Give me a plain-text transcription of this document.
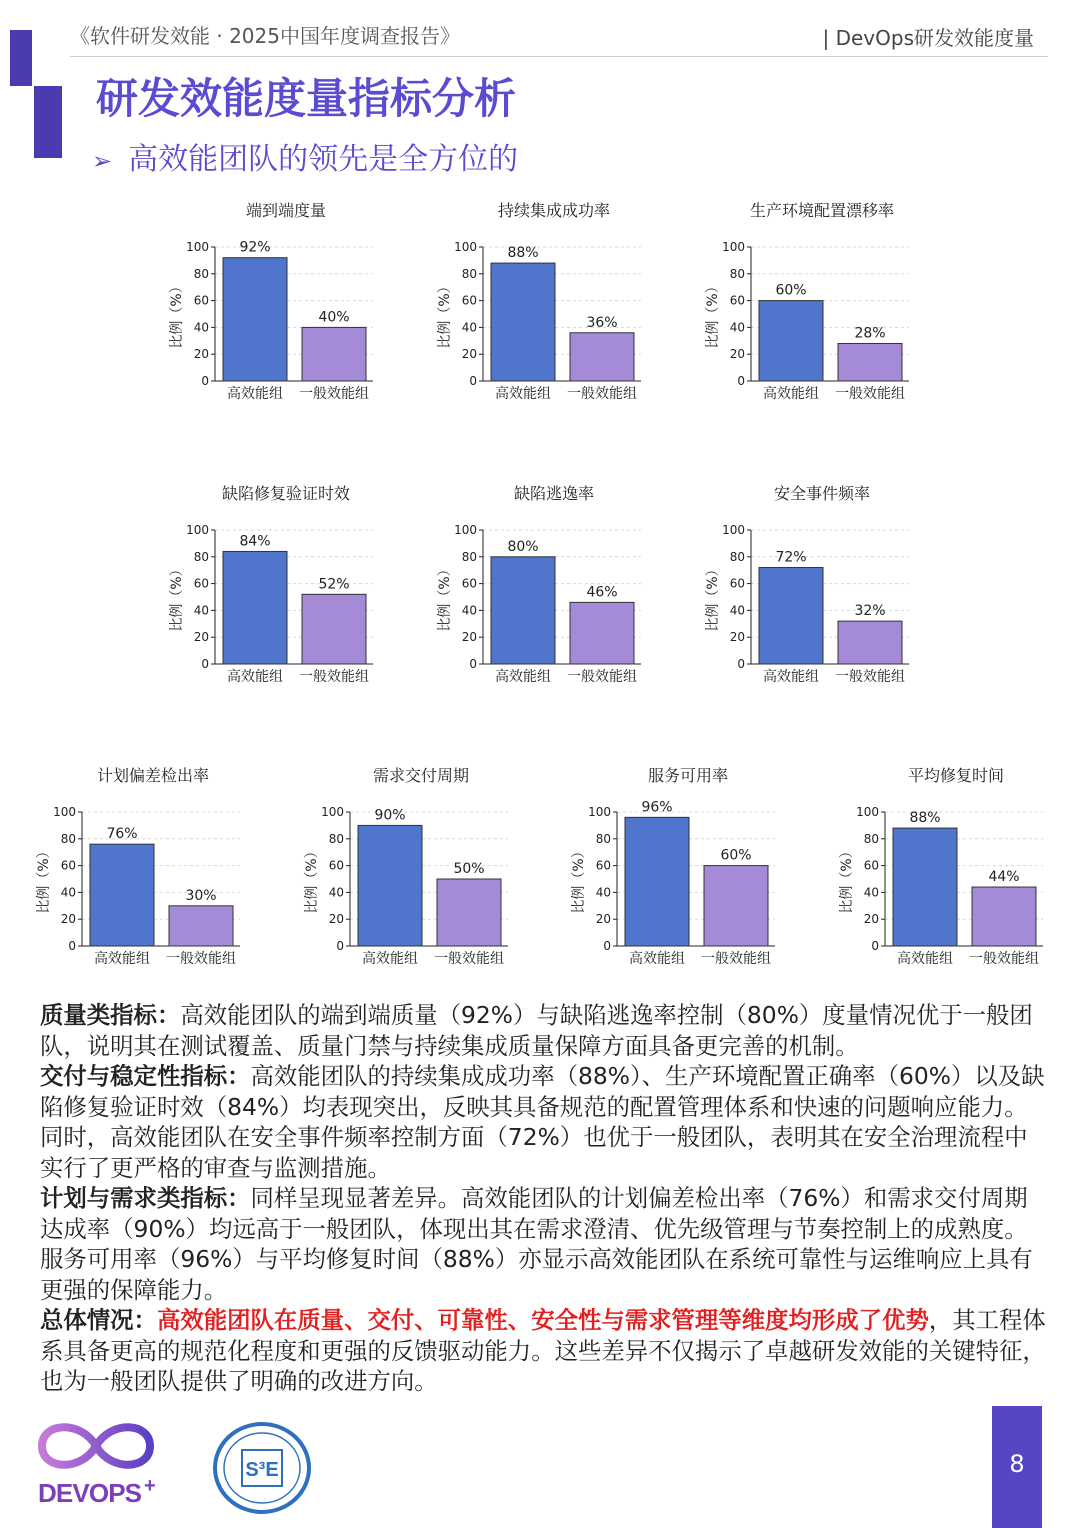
《软件研发效能 · 2025中国年度调查报告》	| DevOps研发效能度量
研发效能度量指标分析
➢ 高效能团队的领先是全方位的
端到端度量
0
20
40
60
80
100
比例（%）
92%
高效能组
40%
一般效能组
持续集成成功率
0
20
40
60
80
100
比例（%）
88%
高效能组
36%
一般效能组
生产环境配置漂移率
0
20
40
60
80
100
比例（%）	60%
高效能组
28%
一般效能组
缺陷修复验证时效
0
20
40
60
80
100
比例（%）
84%
高效能组
52%
一般效能组
缺陷逃逸率
0
20
40
60
80
100
比例（%）
80%
高效能组
46%
一般效能组
安全事件频率
0
20
40
60
80
100
比例（%）
72%
高效能组
32%
一般效能组
计划偏差检出率
0
20
40
60
80
100
比例（%）
76%
高效能组
30%
一般效能组
需求交付周期
0
20
40
60
80
100
比例（%）
90%
高效能组
50%
一般效能组
服务可用率
0
20
40
60
80
100
比例（%）
96%
高效能组
60%
一般效能组
平均修复时间
0
20
40
60
80
100
比例（%）
88%
高效能组
44%
一般效能组

质量类指标：高效能团队的端到端质量（92%）与缺陷逃逸率控制（80%）度量情况优于一般团队，说明其在测试覆盖、质量门禁与持续集成质量保障方面具备更完善的机制。

交付与稳定性指标：高效能团队的持续集成成功率（88%）、生产环境配置正确率（60%）以及缺陷修复验证时效（84%）均表现突出，反映其具备规范的配置管理体系和快速的问题响应能力。同时，高效能团队在安全事件频率控制方面（72%）也优于一般团队，表明其在安全治理流程中实行了更严格的审查与监测措施。

计划与需求类指标：同样呈现显著差异。高效能团队的计划偏差检出率（76%）和需求交付周期达成率（90%）均远高于一般团队，体现出其在需求澄清、优先级管理与节奏控制上的成熟度。服务可用率（96%）与平均修复时间（88%）亦显示高效能团队在系统可靠性与运维响应上具有更强的保障能力。

总体情况：高效能团队在质量、交付、可靠性、安全性与需求管理等维度均形成了优势，其工程体系具备更高的规范化程度和更强的反馈驱动能力。这些差异不仅揭示了卓越研发效能的关键特征，也为一般团队提供了明确的改进方向。

DEVOPS +
S³E	8
